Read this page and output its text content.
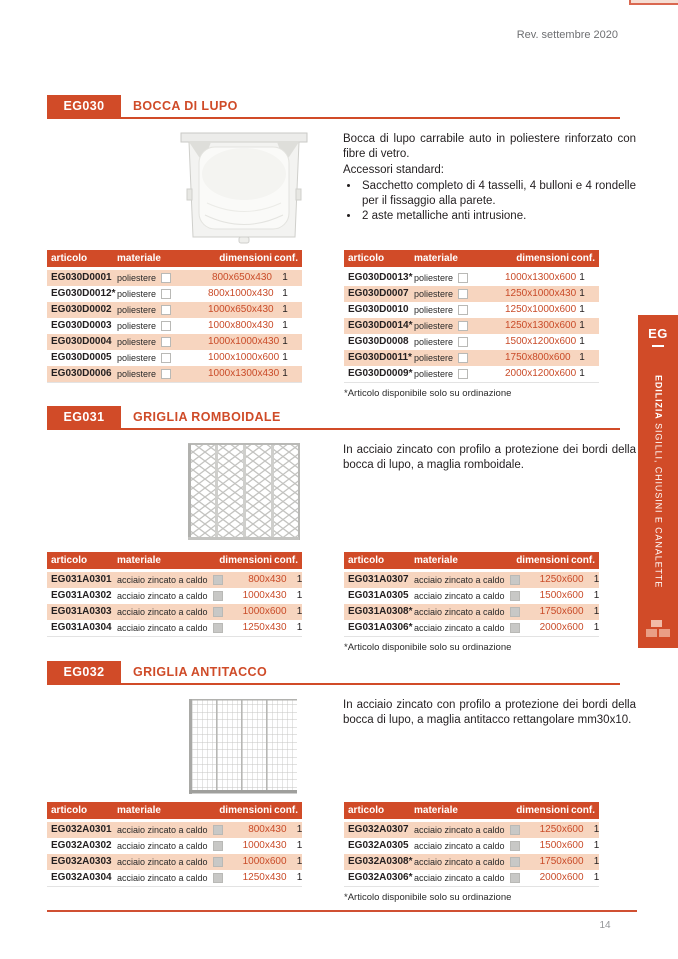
Rev. settembre 2020
EG030	BOCCA DI LUPO

Bocca di lupo carrabile auto in poliestere rinforzato con fibre di vetro.

Accessori standard:

• Sacchetto completo di 4 tasselli, 4 bulloni e 4 rondelle per il fissaggio alla parete.
• 2 aste metalliche anti intrusione.
articolo	materiale	dimensioni conf.
EG030D0001 poliestere	800x650x430	1
EG030D0012* poliestere	800x1000x430 1
EG030D0002 poliestere	1000x650x430 1
EG030D0003 poliestere	1000x800x430 1
EG030D0004 poliestere	1000x1000x430 1
EG030D0005 poliestere	1000x1000x600 1
EG030D0006 poliestere	1000x1300x430 1
articolo	materiale	dimensioni conf.
EG030D0013* poliestere	1000x1300x600 1
EG030D0007 poliestere	1250x1000x430 1
EG030D0010 poliestere	1250x1000x600 1
EG030D0014* poliestere	1250x1300x600 1
EG030D0008 poliestere	1500x1200x600 1
EG030D0011* poliestere	1750x800x600 1
EG030D0009* poliestere	2000x1200x600 1
*Articolo disponibile solo su ordinazione
EG031	GRIGLIA ROMBOIDALE

In acciaio zincato con profilo a protezione dei bordi della bocca di lupo, a maglia romboidale.

articolo	materiale	dimensioni conf.
EG031A0301 acciaio zincato a caldo	800x430	1
EG031A0302 acciaio zincato a caldo	1000x430	1
EG031A0303 acciaio zincato a caldo	1000x600	1
EG031A0304 acciaio zincato a caldo	1250x430	1
articolo	materiale	dimensioni conf.
EG031A0307 acciaio zincato a caldo	1250x600	1
EG031A0305 acciaio zincato a caldo	1500x600	1
EG031A0308* acciaio zincato a caldo	1750x600	1
EG031A0306* acciaio zincato a caldo	2000x600	1
*Articolo disponibile solo su ordinazione
EG032	GRIGLIA ANTITACCO

In acciaio zincato con profilo a protezione dei bordi della bocca di lupo, a maglia antitacco rettangolare mm30x10.

articolo	materiale	dimensioni conf.
EG032A0301 acciaio zincato a caldo	800x430	1
EG032A0302 acciaio zincato a caldo	1000x430	1
EG032A0303 acciaio zincato a caldo	1000x600	1
EG032A0304 acciaio zincato a caldo	1250x430	1
articolo	materiale	dimensioni conf.
EG032A0307 acciaio zincato a caldo	1250x600	1
EG032A0305 acciaio zincato a caldo	1500x600	1
EG032A0308* acciaio zincato a caldo	1750x600	1
EG032A0306* acciaio zincato a caldo	2000x600	1
*Articolo disponibile solo su ordinazione
EG
EDILIZIA SIGILLI, CHIUSINI E CANALETTE
14
